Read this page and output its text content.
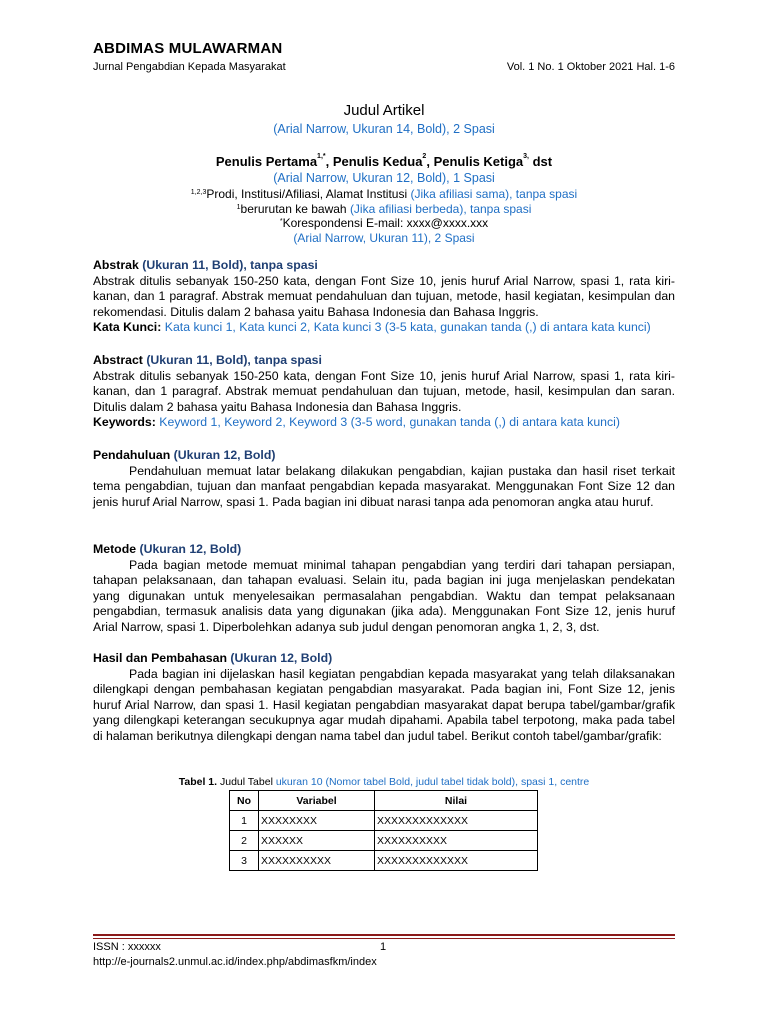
ABDIMAS MULAWARMAN
Jurnal Pengabdian Kepada Masyarakat	Vol. 1 No. 1 Oktober 2021 Hal. 1-6
Judul Artikel
(Arial Narrow, Ukuran 14, Bold), 2 Spasi
Penulis Pertama$^{1,*}$, Penulis Kedua$^2$, Penulis Ketiga$^{3,}$ dst
(Arial Narrow, Ukuran 12, Bold), 1 Spasi
$^{1,2,3}$Prodi, Institusi/Afiliasi, Alamat Institusi (Jika afiliasi sama), tanpa spasi
$^1$berurutan ke bawah (Jika afiliasi berbeda), tanpa spasi
*Korespondensi E-mail: xxxx@xxxx.xxx
(Arial Narrow, Ukuran 11), 2 Spasi

Abstrak (Ukuran 11, Bold), tanpa spasi

Abstrak ditulis sebanyak 150-250 kata, dengan Font Size 10, jenis huruf Arial Narrow, spasi 1, rata kiri-kanan, dan 1 paragraf. Abstrak memuat pendahuluan dan tujuan, metode, hasil kegiatan, kesimpulan dan rekomendasi. Ditulis dalam 2 bahasa yaitu Bahasa Indonesia dan Bahasa Inggris.

Kata Kunci: Kata kunci 1, Kata kunci 2, Kata kunci 3 (3-5 kata, gunakan tanda (,) di antara kata kunci)

Abstract (Ukuran 11, Bold), tanpa spasi

Abstrak ditulis sebanyak 150-250 kata, dengan Font Size 10, jenis huruf Arial Narrow, spasi 1, rata kiri-kanan, dan 1 paragraf. Abstrak memuat pendahuluan dan tujuan, metode, hasil, kesimpulan dan saran. Ditulis dalam 2 bahasa yaitu Bahasa Indonesia dan Bahasa Inggris.

Keywords: Keyword 1, Keyword 2, Keyword 3 (3-5 word, gunakan tanda (,) di antara kata kunci)

Pendahuluan (Ukuran 12, Bold)

Pendahuluan memuat latar belakang dilakukan pengabdian, kajian pustaka dan hasil riset terkait tema pengabdian, tujuan dan manfaat pengabdian kepada masyarakat. Menggunakan Font Size 12 dan jenis huruf Arial Narrow, spasi 1. Pada bagian ini dibuat narasi tanpa ada penomoran angka atau huruf.

Metode (Ukuran 12, Bold)

Pada bagian metode memuat minimal tahapan pengabdian yang terdiri dari tahapan persiapan, tahapan pelaksanaan, dan tahapan evaluasi. Selain itu, pada bagian ini juga menjelaskan pendekatan yang digunakan untuk menyelesaikan permasalahan pengabdian. Waktu dan tempat pelaksanaan pengabdian, termasuk analisis data yang digunakan (jika ada). Menggunakan Font Size 12, jenis huruf Arial Narrow, spasi 1. Diperbolehkan adanya sub judul dengan penomoran angka 1, 2, 3, dst.

Hasil dan Pembahasan (Ukuran 12, Bold)

Pada bagian ini dijelaskan hasil kegiatan pengabdian kepada masyarakat yang telah dilaksanakan dilengkapi dengan pembahasan kegiatan pengabdian masyarakat. Pada bagian ini, Font Size 12, jenis huruf Arial Narrow, dan spasi 1. Hasil kegiatan pengabdian masyarakat dapat berupa tabel/gambar/grafik yang dilengkapi keterangan secukupnya agar mudah dipahami. Apabila tabel terpotong, maka pada tabel di halaman berikutnya dilengkapi dengan nama tabel dan judul tabel. Berikut contoh tabel/gambar/grafik:

Tabel 1. Judul Tabel ukuran 10 (Nomor tabel Bold, judul tabel tidak bold), spasi 1, centre
No	Variabel	Nilai
1	XXXXXXXX	XXXXXXXXXXXXX
2	XXXXXX	XXXXXXXXXX
3	XXXXXXXXXX	XXXXXXXXXXXXX
ISSN : xxxxxx	1
http://e-journals2.unmul.ac.id/index.php/abdimasfkm/index
